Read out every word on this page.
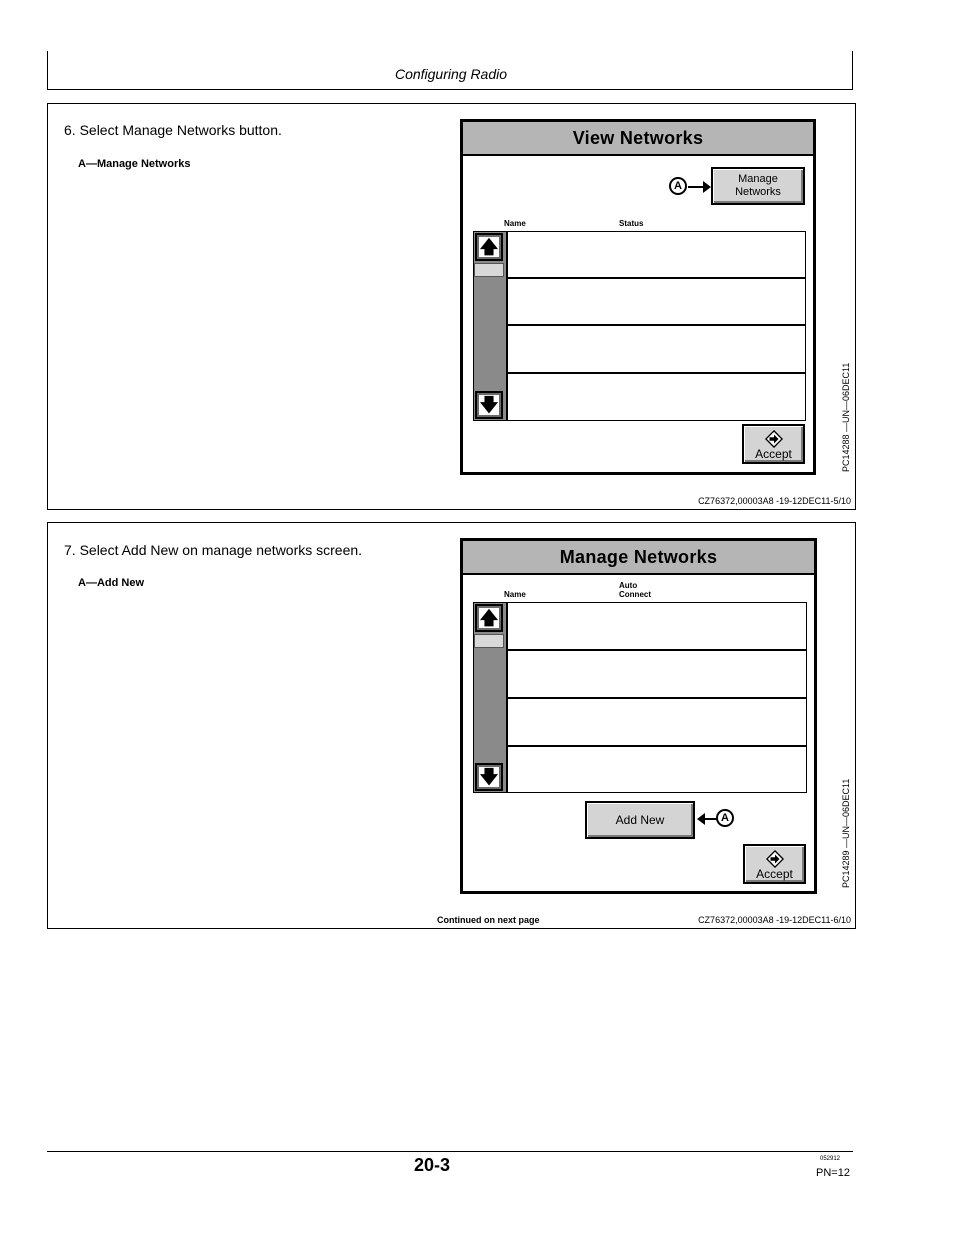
Configuring Radio
6. Select Manage Networks button.
A—Manage Networks
View Networks
Manage
Networks
A
Name	Status
🡅
🡇
Accept	PC14288 —UN—06DEC11
CZ76372,00003A8 -19-12DEC11-5/10
7. Select Add New on manage networks screen.
A—Add New
Manage Networks
Name
Auto
Connect
🡅
🡇
Add New	A
Accept	PC14289 —UN—06DEC11
Continued on next page	CZ76372,00003A8 -19-12DEC11-6/10
20-3	052912
PN=12
